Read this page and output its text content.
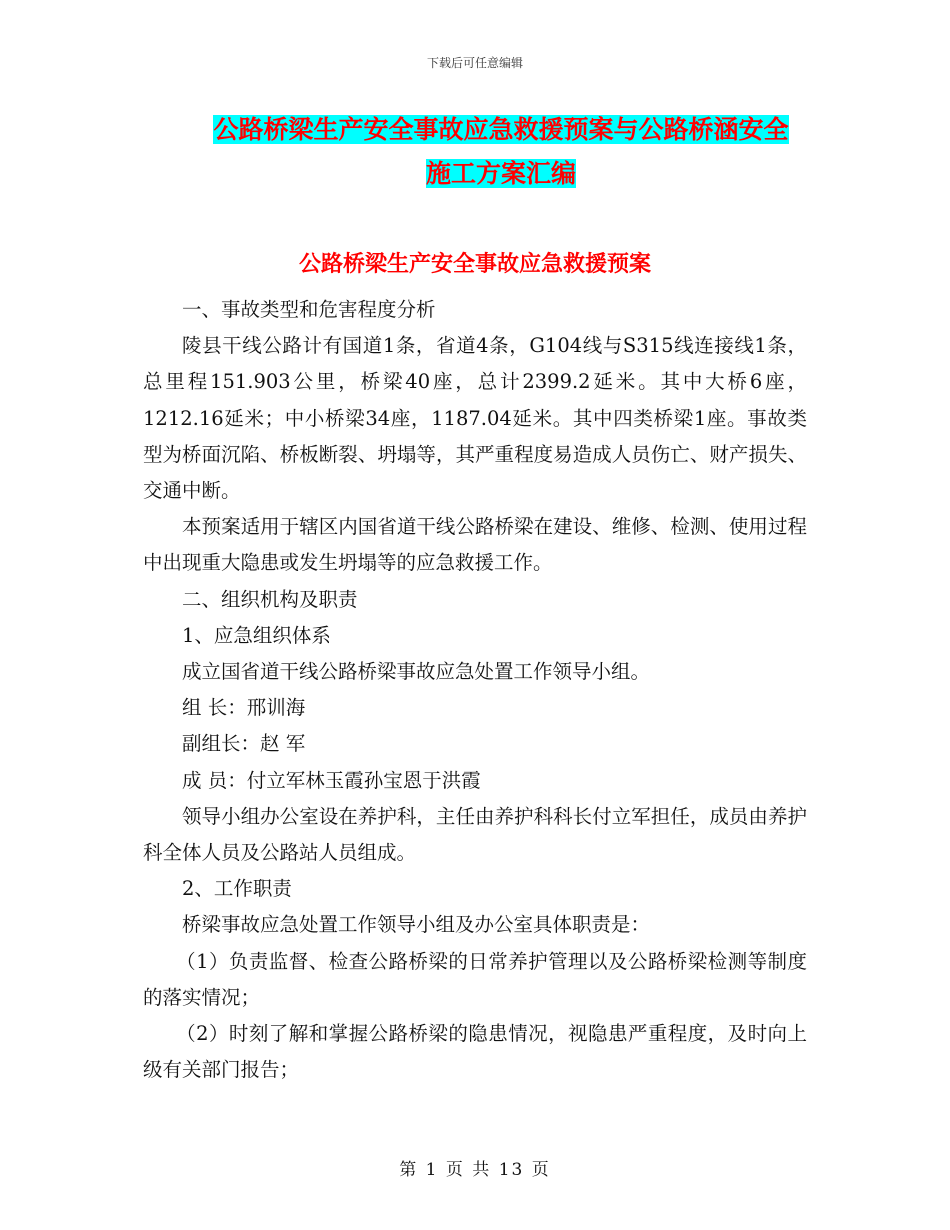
下载后可任意编辑
公路桥梁生产安全事故应急救援预案与公路桥涵安全
施工方案汇编
公路桥梁生产安全事故应急救援预案

一、事故类型和危害程度分析

陵县干线公路计有国道1条，省道4条，G104线与S315线连接线1条，总里程151.903公里，桥梁40座，总计2399.2延米。其中大桥6座，1212.16延米；中小桥梁34座，1187.04延米。其中四类桥梁1座。事故类型为桥面沉陷、桥板断裂、坍塌等，其严重程度易造成人员伤亡、财产损失、交通中断。

本预案适用于辖区内国省道干线公路桥梁在建设、维修、检测、使用过程中出现重大隐患或发生坍塌等的应急救援工作。

二、组织机构及职责

1、应急组织体系

成立国省道干线公路桥梁事故应急处置工作领导小组。

组 长：邢训海

副组长：赵 军

成 员：付立军林玉霞孙宝恩于洪霞

领导小组办公室设在养护科，主任由养护科科长付立军担任，成员由养护科全体人员及公路站人员组成。

2、工作职责

桥梁事故应急处置工作领导小组及办公室具体职责是：

（1）负责监督、检查公路桥梁的日常养护管理以及公路桥梁检测等制度的落实情况；

（2）时刻了解和掌握公路桥梁的隐患情况，视隐患严重程度，及时向上级有关部门报告；

第 1 页 共 13 页
